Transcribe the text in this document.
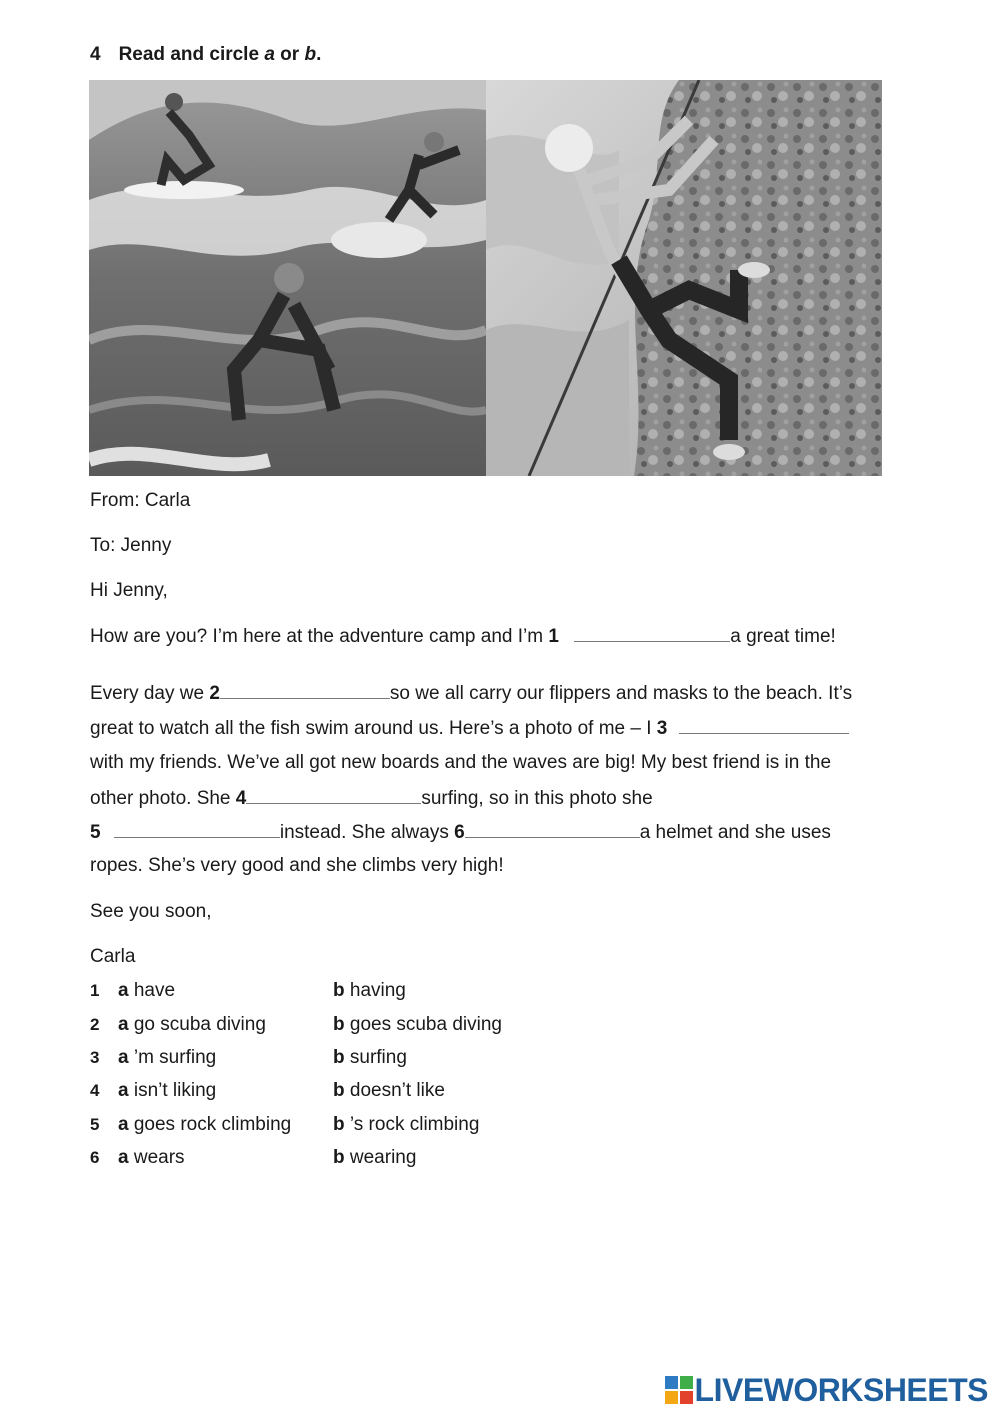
4 Read and circle a or b.
From: Carla
To: Jenny
Hi Jenny,
How are you? I’m here at the adventure camp and I’m 1	a great time!
Every day we 2	so we all carry our flippers and masks to the beach. It’s
great to watch all the fish swim around us. Here’s a photo of me – I 3
with my friends. We’ve all got new boards and the waves are big! My best friend is in the
other photo. She 4	surfing, so in this photo she
5	instead. She always 6	a helmet and she uses
ropes. She’s very good and she climbs very high!
See you soon,
Carla
1 a have	b having
2 a go scuba diving	b goes scuba diving
3 a ’m surfing	b surfing
4 a isn’t liking	b doesn’t like
5 a goes rock climbing b ’s rock climbing
6 a wears	b wearing
LIVEWORKSHEETS
